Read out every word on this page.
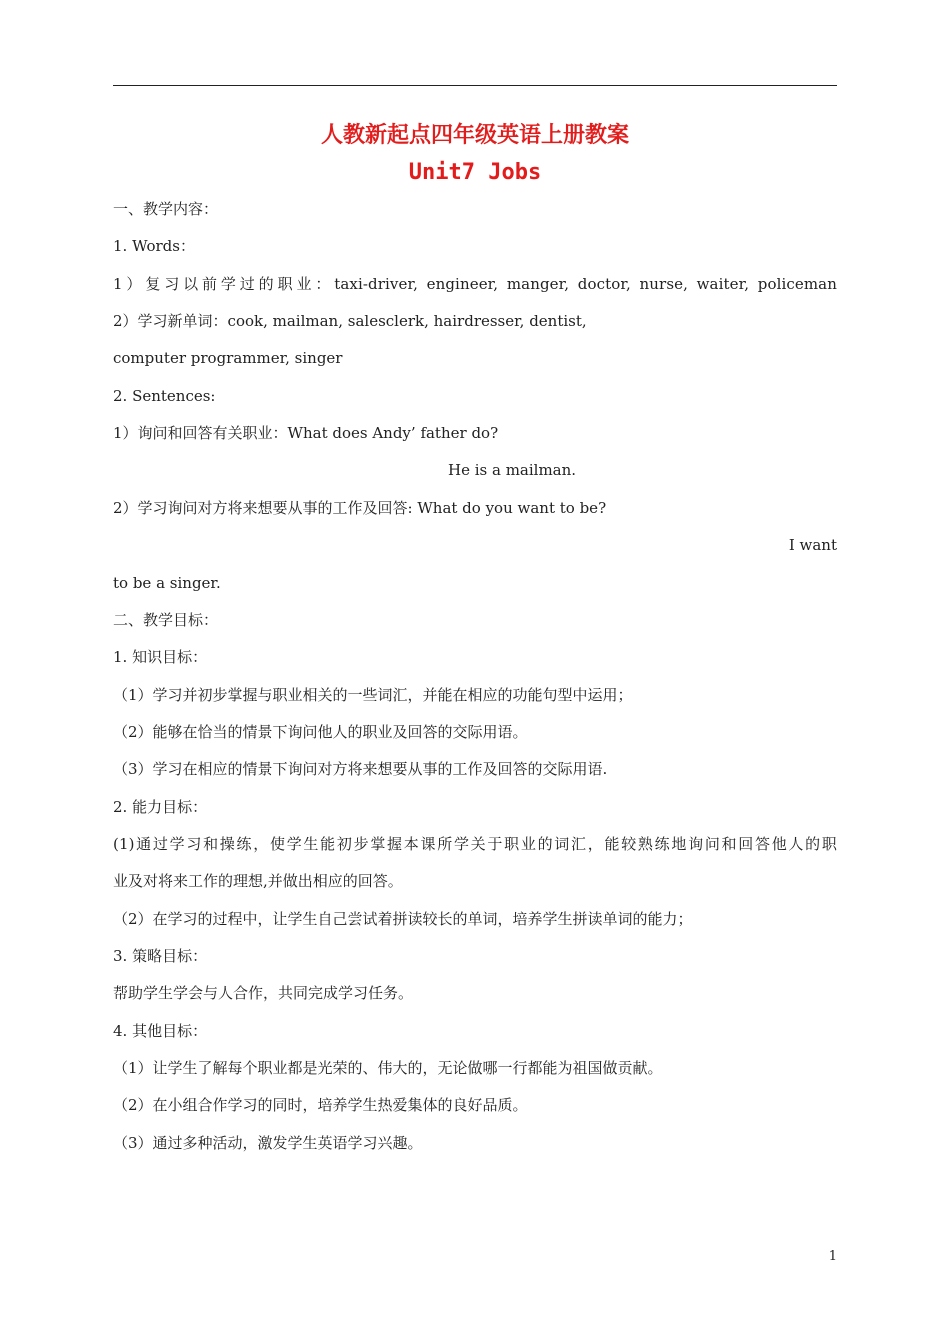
人教新起点四年级英语上册教案
Unit7 Jobs
一、教学内容：
1. Words：
1）复习以前学过的职业：taxi-driver, engineer, manger, doctor, nurse, waiter, policeman
2）学习新单词：cook, mailman, salesclerk, hairdresser, dentist,
computer programmer, singer
2. Sentences:
1）询问和回答有关职业：What does Andy’ father do?
He is a mailman.
2）学习询问对方将来想要从事的工作及回答: What do you want to be?
I want
to be a singer.
二、教学目标：
1. 知识目标：
（1）学习并初步掌握与职业相关的一些词汇，并能在相应的功能句型中运用；
（2）能够在恰当的情景下询问他人的职业及回答的交际用语。
（3）学习在相应的情景下询问对方将来想要从事的工作及回答的交际用语.
2. 能力目标：
(1)通过学习和操练，使学生能初步掌握本课所学关于职业的词汇，能较熟练地询问和回答他人的职
业及对将来工作的理想,并做出相应的回答。
（2）在学习的过程中，让学生自己尝试着拼读较长的单词，培养学生拼读单词的能力；
3. 策略目标：
帮助学生学会与人合作，共同完成学习任务。
4. 其他目标：
（1）让学生了解每个职业都是光荣的、伟大的，无论做哪一行都能为祖国做贡献。
（2）在小组合作学习的同时，培养学生热爱集体的良好品质。
（3）通过多种活动，激发学生英语学习兴趣。
1
